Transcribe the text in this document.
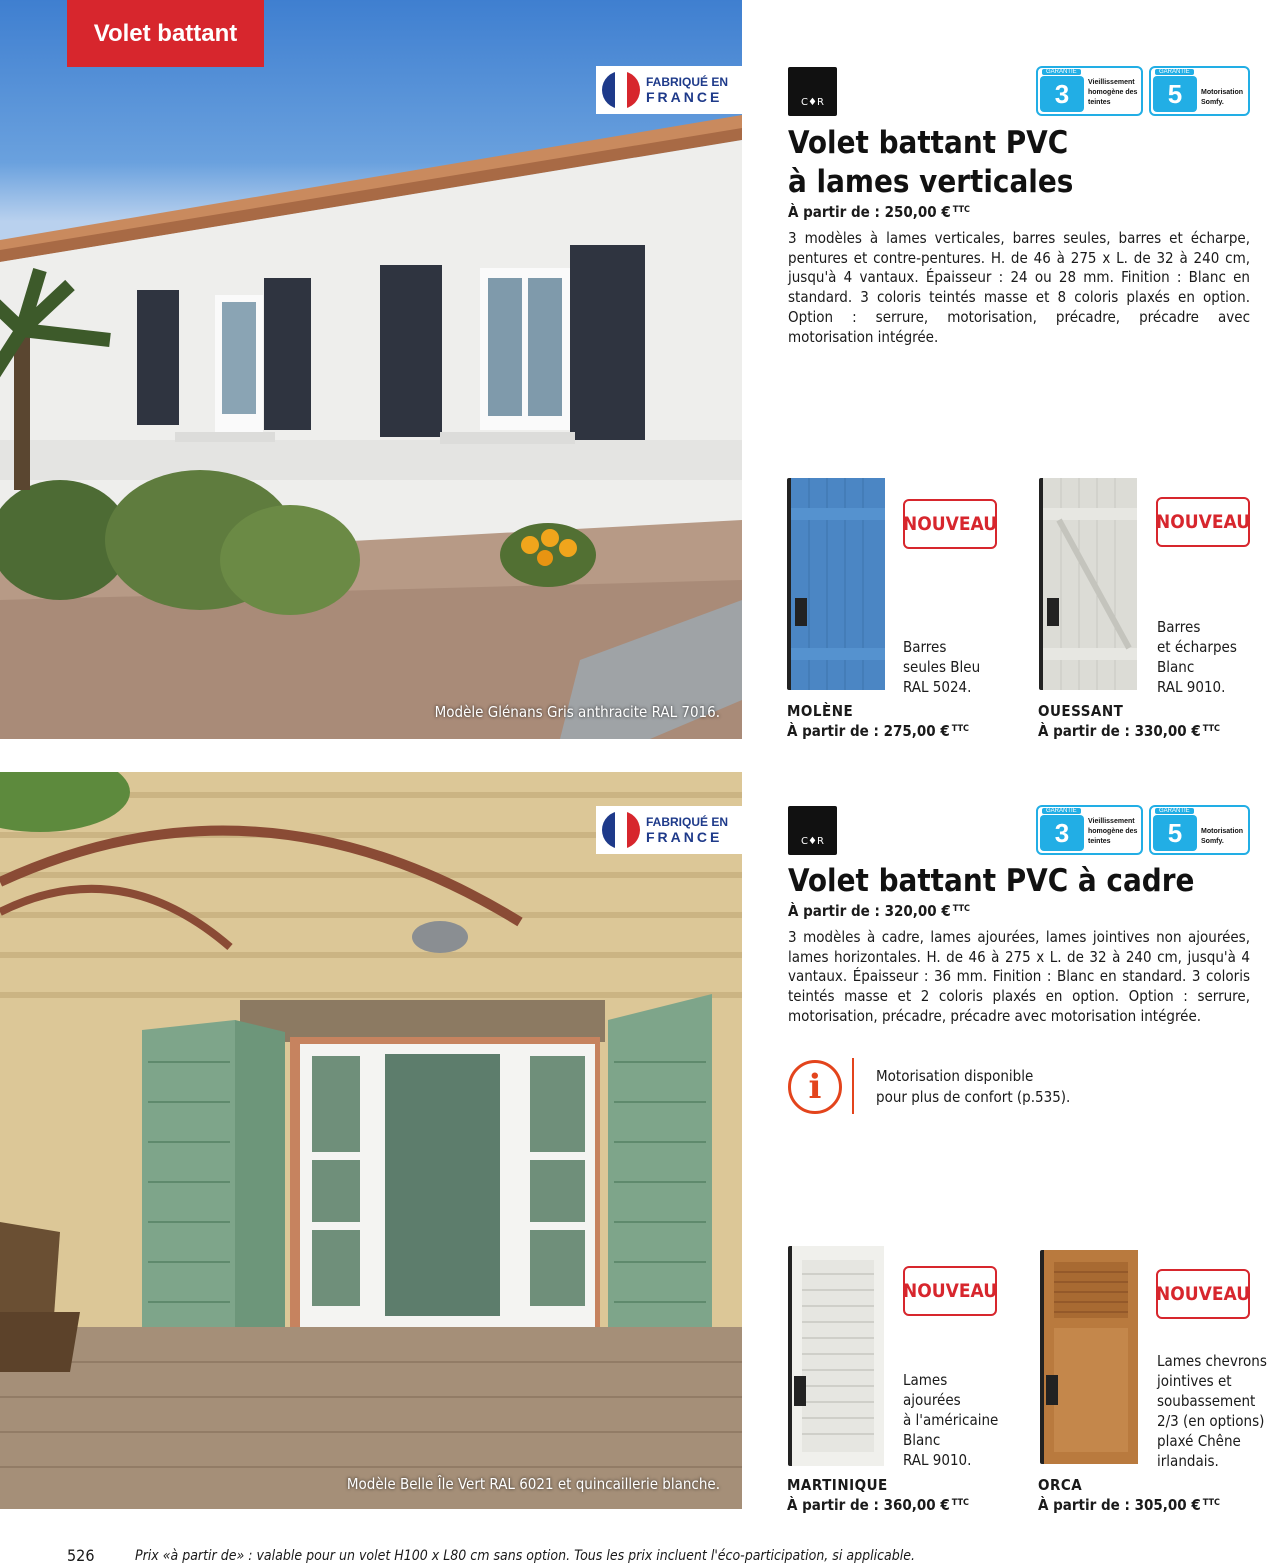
Volet battant
FABRIQUÉ EN
FRANCE
Modèle Glénans Gris anthracite RAL 7016.
FABRIQUÉ EN
FRANCE
Modèle Belle Île Vert RAL 6021 et quincaillerie blanche.
C♦R
GARANTIE
3	Vieillissement homogène des teintes
GARANTIE
5	Motorisation Somfy.
Volet battant PVC
à lames verticales
À partir de : 250,00 € $^{TTC}$
3 modèles à lames verticales, barres seules, barres et écharpe, pentures et contre-pentures. H. de 46 à 275 x L. de 32 à 240 cm, jusqu'à 4 vantaux. Épaisseur : 24 ou 28 mm. Finition : Blanc en standard. 3 coloris teintés masse et 8 coloris plaxés en option. Option : serrure, motorisation, précadre, précadre avec motorisation intégrée.
NOUVEAU
Barres
seules Bleu
RAL 5024.
MOLÈNE
À partir de : 275,00 € $^{TTC}$
NOUVEAU
Barres
et écharpes
Blanc
RAL 9010.
OUESSANT
À partir de : 330,00 € $^{TTC}$
C♦R
GARANTIE
3	Vieillissement homogène des teintes
GARANTIE
5	Motorisation Somfy.
Volet battant PVC à cadre
À partir de : 320,00 € $^{TTC}$
3 modèles à cadre, lames ajourées, lames jointives non ajourées, lames horizontales. H. de 46 à 275 x L. de 32 à 240 cm, jusqu'à 4 vantaux. Épaisseur : 36 mm. Finition : Blanc en standard. 3 coloris teintés masse et 2 coloris plaxés en option. Option : serrure, motorisation, précadre, précadre avec motorisation intégrée.
i	Motorisation disponible
pour plus de confort (p.535).
NOUVEAU
Lames
ajourées
à l'américaine
Blanc
RAL 9010.
MARTINIQUE
À partir de : 360,00 € $^{TTC}$
NOUVEAU
Lames chevrons
jointives et
soubassement
2/3 (en options)
plaxé Chêne
irlandais.
ORCA
À partir de : 305,00 € $^{TTC}$
526	Prix «à partir de» : valable pour un volet H100 x L80 cm sans option. Tous les prix incluent l'éco-participation, si applicable.
